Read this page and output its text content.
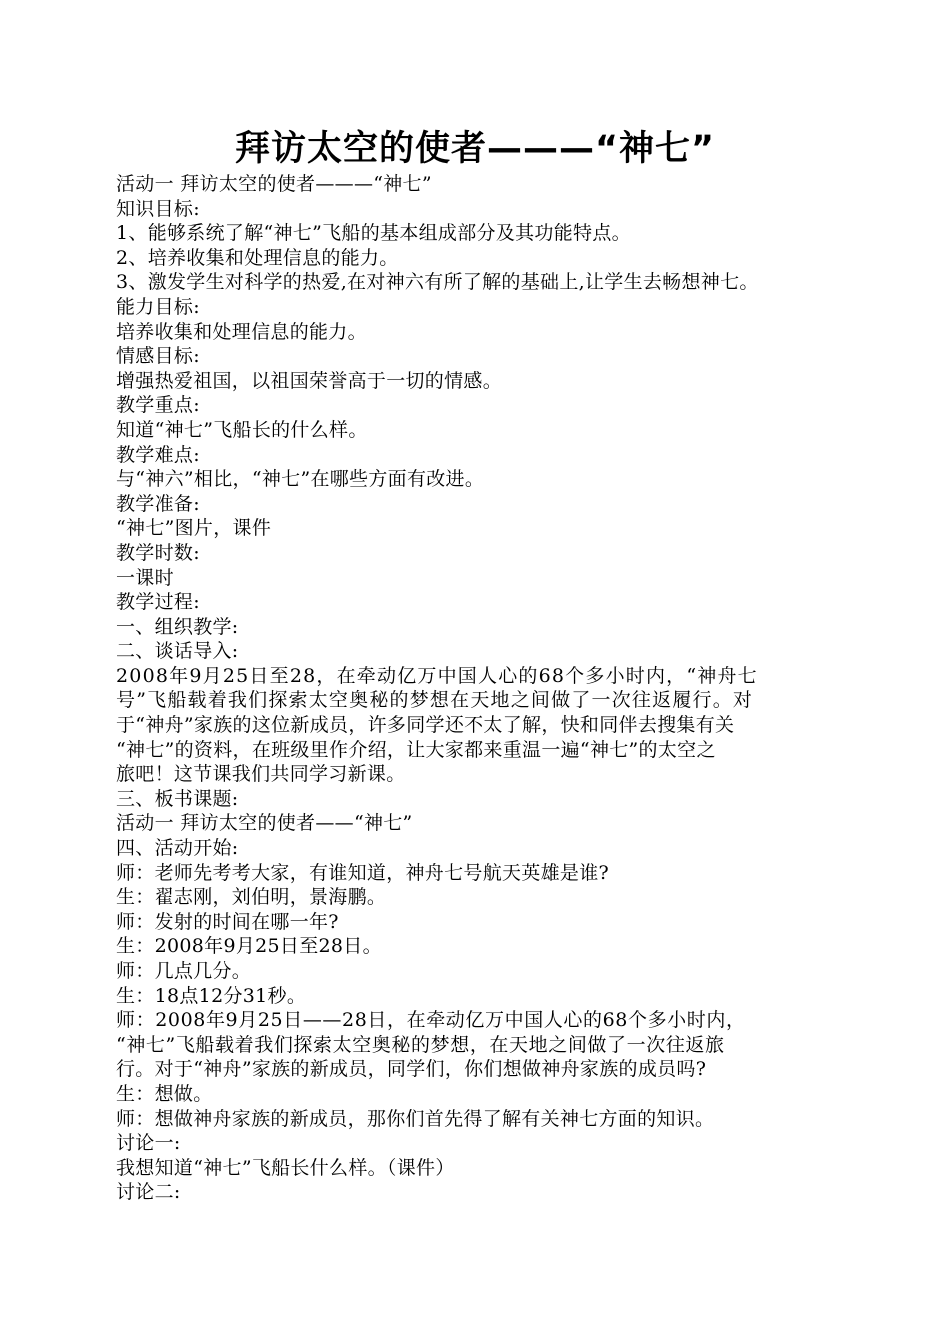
拜访太空的使者———“神七”
活动一 拜访太空的使者———“神七”
知识目标:
1、能够系统了解“神七”飞船的基本组成部分及其功能特点。
2、培养收集和处理信息的能力。
3、激发学生对科学的热爱,在对神六有所了解的基础上,让学生去畅想神七。
能力目标:
培养收集和处理信息的能力。
情感目标:
增强热爱祖国，以祖国荣誉高于一切的情感。
教学重点:
知道“神七”飞船长的什么样。
教学难点:
与“神六”相比，“神七”在哪些方面有改进。
教学准备:
“神七”图片，课件
教学时数:
一课时
教学过程:
一、组织教学:
二、谈话导入:
2008年9月25日至28，在牵动亿万中国人心的68个多小时内，“神舟七
号”飞船载着我们探索太空奥秘的梦想在天地之间做了一次往返履行。对
于“神舟”家族的这位新成员，许多同学还不太了解，快和同伴去搜集有关
“神七”的资料，在班级里作介绍，让大家都来重温一遍“神七”的太空之
旅吧！这节课我们共同学习新课。
三、板书课题:
活动一 拜访太空的使者——“神七”
四、活动开始:
师：老师先考考大家，有谁知道，神舟七号航天英雄是谁?
生：翟志刚，刘伯明，景海鹏。
师：发射的时间在哪一年?
生：2008年9月25日至28日。
师：几点几分。
生：18点12分31秒。
师：2008年9月25日——28日，在牵动亿万中国人心的68个多小时内，
“神七”飞船载着我们探索太空奥秘的梦想，在天地之间做了一次往返旅
行。对于“神舟”家族的新成员，同学们，你们想做神舟家族的成员吗?
生：想做。
师：想做神舟家族的新成员，那你们首先得了解有关神七方面的知识。
讨论一:
我想知道“神七”飞船长什么样。（课件）
讨论二:
